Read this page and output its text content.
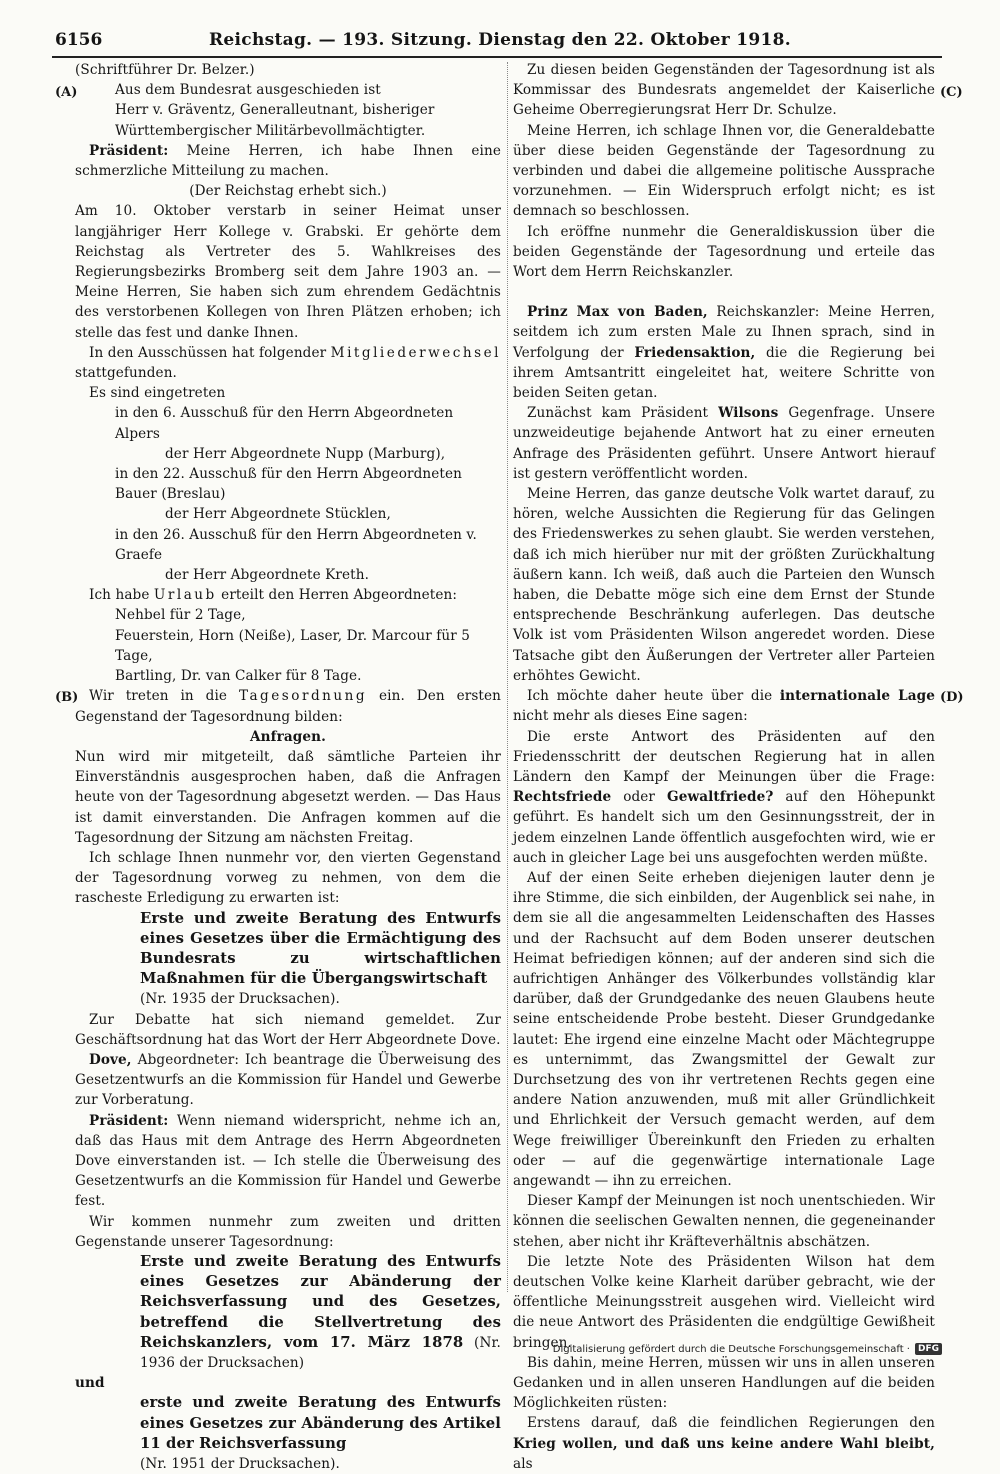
6156	Reichstag. — 193. Sitzung. Dienstag den 22. Oktober 1918.
(A)
(B)
(C)
(D)

(Schriftführer Dr. Belzer.)

Aus dem Bundesrat ausgeschieden ist

Herr v. Gräventz, Generalleutnant, bisheriger Württembergischer Militärbevollmächtigter.

Präsident: Meine Herren, ich habe Ihnen eine schmerzliche Mitteilung zu machen.

(Der Reichstag erhebt sich.)

Am 10. Oktober verstarb in seiner Heimat unser langjähriger Herr Kollege v. Grabski. Er gehörte dem Reichstag als Vertreter des 5. Wahlkreises des Regierungsbezirks Bromberg seit dem Jahre 1903 an. — Meine Herren, Sie haben sich zum ehrendem Gedächtnis des verstorbenen Kollegen von Ihren Plätzen erhoben; ich stelle das fest und danke Ihnen.

In den Ausschüssen hat folgender Mitgliederwechsel stattgefunden.

Es sind eingetreten

in den 6. Ausschuß für den Herrn Abgeordneten Alpers

der Herr Abgeordnete Nupp (Marburg),

in den 22. Ausschuß für den Herrn Abgeordneten Bauer (Breslau)

der Herr Abgeordnete Stücklen,

in den 26. Ausschuß für den Herrn Abgeordneten v. Graefe

der Herr Abgeordnete Kreth.

Ich habe Urlaub erteilt den Herren Abgeordneten:

Nehbel für 2 Tage,

Feuerstein, Horn (Neiße), Laser, Dr. Marcour für 5 Tage,

Bartling, Dr. van Calker für 8 Tage.

Wir treten in die Tagesordnung ein. Den ersten Gegenstand der Tagesordnung bilden:

Anfragen.

Nun wird mir mitgeteilt, daß sämtliche Parteien ihr Einverständnis ausgesprochen haben, daß die Anfragen heute von der Tagesordnung abgesetzt werden. — Das Haus ist damit einverstanden. Die Anfragen kommen auf die Tagesordnung der Sitzung am nächsten Freitag.

Ich schlage Ihnen nunmehr vor, den vierten Gegenstand der Tagesordnung vorweg zu nehmen, von dem die rascheste Erledigung zu erwarten ist:

Erste und zweite Beratung des Entwurfs eines Gesetzes über die Ermächtigung des Bundesrats zu wirtschaftlichen Maßnahmen für die Übergangswirtschaft
(Nr. 1935 der Drucksachen).

Zur Debatte hat sich niemand gemeldet. Zur Geschäftsordnung hat das Wort der Herr Abgeordnete Dove.

Dove, Abgeordneter: Ich beantrage die Überweisung des Gesetzentwurfs an die Kommission für Handel und Gewerbe zur Vorberatung.

Präsident: Wenn niemand widerspricht, nehme ich an, daß das Haus mit dem Antrage des Herrn Abgeordneten Dove einverstanden ist. — Ich stelle die Überweisung des Gesetzentwurfs an die Kommission für Handel und Gewerbe fest.

Wir kommen nunmehr zum zweiten und dritten Gegenstande unserer Tagesordnung:

Erste und zweite Beratung des Entwurfs eines Gesetzes zur Abänderung der Reichsverfassung und des Gesetzes, betreffend die Stellvertretung des Reichskanzlers, vom 17. März 1878 (Nr. 1936 der Drucksachen)

und

erste und zweite Beratung des Entwurfs eines Gesetzes zur Abänderung des Artikel 11 der Reichsverfassung
(Nr. 1951 der Drucksachen).

Zu diesen beiden Gegenständen der Tagesordnung ist als Kommissar des Bundesrats angemeldet der Kaiserliche Geheime Oberregierungsrat Herr Dr. Schulze.

Meine Herren, ich schlage Ihnen vor, die Generaldebatte über diese beiden Gegenstände der Tagesordnung zu verbinden und dabei die allgemeine politische Aussprache vorzunehmen. — Ein Widerspruch erfolgt nicht; es ist demnach so beschlossen.

Ich eröffne nunmehr die Generaldiskussion über die beiden Gegenstände der Tagesordnung und erteile das Wort dem Herrn Reichskanzler.

Prinz Max von Baden, Reichskanzler: Meine Herren, seitdem ich zum ersten Male zu Ihnen sprach, sind in Verfolgung der Friedensaktion, die die Regierung bei ihrem Amtsantritt eingeleitet hat, weitere Schritte von beiden Seiten getan.

Zunächst kam Präsident Wilsons Gegenfrage. Unsere unzweideutige bejahende Antwort hat zu einer erneuten Anfrage des Präsidenten geführt. Unsere Antwort hierauf ist gestern veröffentlicht worden.

Meine Herren, das ganze deutsche Volk wartet darauf, zu hören, welche Aussichten die Regierung für das Gelingen des Friedenswerkes zu sehen glaubt. Sie werden verstehen, daß ich mich hierüber nur mit der größten Zurückhaltung äußern kann. Ich weiß, daß auch die Parteien den Wunsch haben, die Debatte möge sich eine dem Ernst der Stunde entsprechende Beschränkung auferlegen. Das deutsche Volk ist vom Präsidenten Wilson angeredet worden. Diese Tatsache gibt den Äußerungen der Vertreter aller Parteien erhöhtes Gewicht.

Ich möchte daher heute über die internationale Lage nicht mehr als dieses Eine sagen:

Die erste Antwort des Präsidenten auf den Friedensschritt der deutschen Regierung hat in allen Ländern den Kampf der Meinungen über die Frage: Rechtsfriede oder Gewaltfriede? auf den Höhepunkt geführt. Es handelt sich um den Gesinnungsstreit, der in jedem einzelnen Lande öffentlich ausgefochten wird, wie er auch in gleicher Lage bei uns ausgefochten werden müßte.

Auf der einen Seite erheben diejenigen lauter denn je ihre Stimme, die sich einbilden, der Augenblick sei nahe, in dem sie all die angesammelten Leidenschaften des Hasses und der Rachsucht auf dem Boden unserer deutschen Heimat befriedigen können; auf der anderen sind sich die aufrichtigen Anhänger des Völkerbundes vollständig klar darüber, daß der Grundgedanke des neuen Glaubens heute seine entscheidende Probe besteht. Dieser Grundgedanke lautet: Ehe irgend eine einzelne Macht oder Mächtegruppe es unternimmt, das Zwangsmittel der Gewalt zur Durchsetzung des von ihr vertretenen Rechts gegen eine andere Nation anzuwenden, muß mit aller Gründlichkeit und Ehrlichkeit der Versuch gemacht werden, auf dem Wege freiwilliger Übereinkunft den Frieden zu erhalten oder — auf die gegenwärtige internationale Lage angewandt — ihn zu erreichen.

Dieser Kampf der Meinungen ist noch unentschieden. Wir können die seelischen Gewalten nennen, die gegeneinander stehen, aber nicht ihr Kräfteverhältnis abschätzen.

Die letzte Note des Präsidenten Wilson hat dem deutschen Volke keine Klarheit darüber gebracht, wie der öffentliche Meinungsstreit ausgehen wird. Vielleicht wird die neue Antwort des Präsidenten die endgültige Gewißheit bringen.

Bis dahin, meine Herren, müssen wir uns in allen unseren Gedanken und in allen unseren Handlungen auf die beiden Möglichkeiten rüsten:

Erstens darauf, daß die feindlichen Regierungen den Krieg wollen, und daß uns keine andere Wahl bleibt, als

Digitalisierung gefördert durch die Deutsche Forschungsgemeinschaft · DFG
